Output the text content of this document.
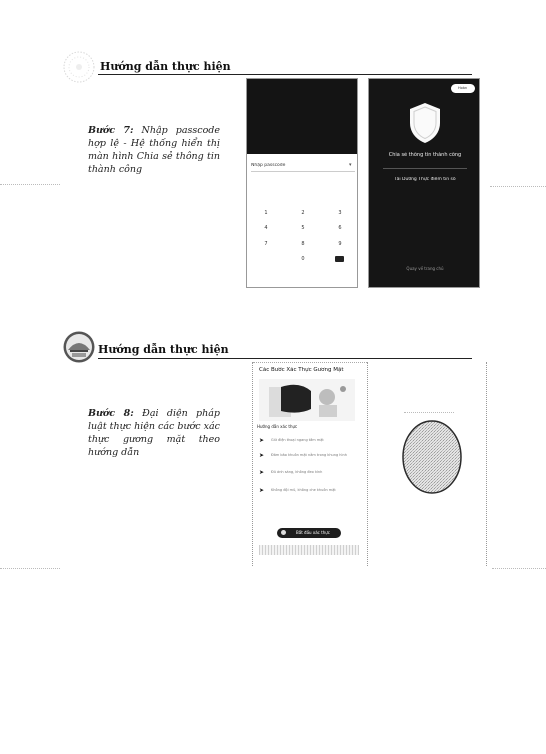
Hướng dẫn thực hiện
Bước 7: Nhập passcode hợp lệ - Hệ thống hiển thị màn hình Chia sẻ thông tin thành công	Nhập passcode	▾
1	2	3
4	5	6
7	8	9
0
Hoàn
Chia sẻ thông tin thành công
Tài Dương Thực điểm tin số
Quay về trang chủ
Hướng dẫn thực hiện
Bước 8: Đại diện pháp luật thực hiện các bước xác thực gương mặt theo hướng dẫn
Các Bước Xác Thực Gương Mặt
Hướng dẫn xác thực
➤ Giữ điện thoại ngang tầm mặt
➤ Đảm bảo khuôn mặt nằm trong khung hình
➤ Đủ ánh sáng, không đeo kính
➤ Không đội mũ, không che khuôn mặt
Bắt đầu xác thực
